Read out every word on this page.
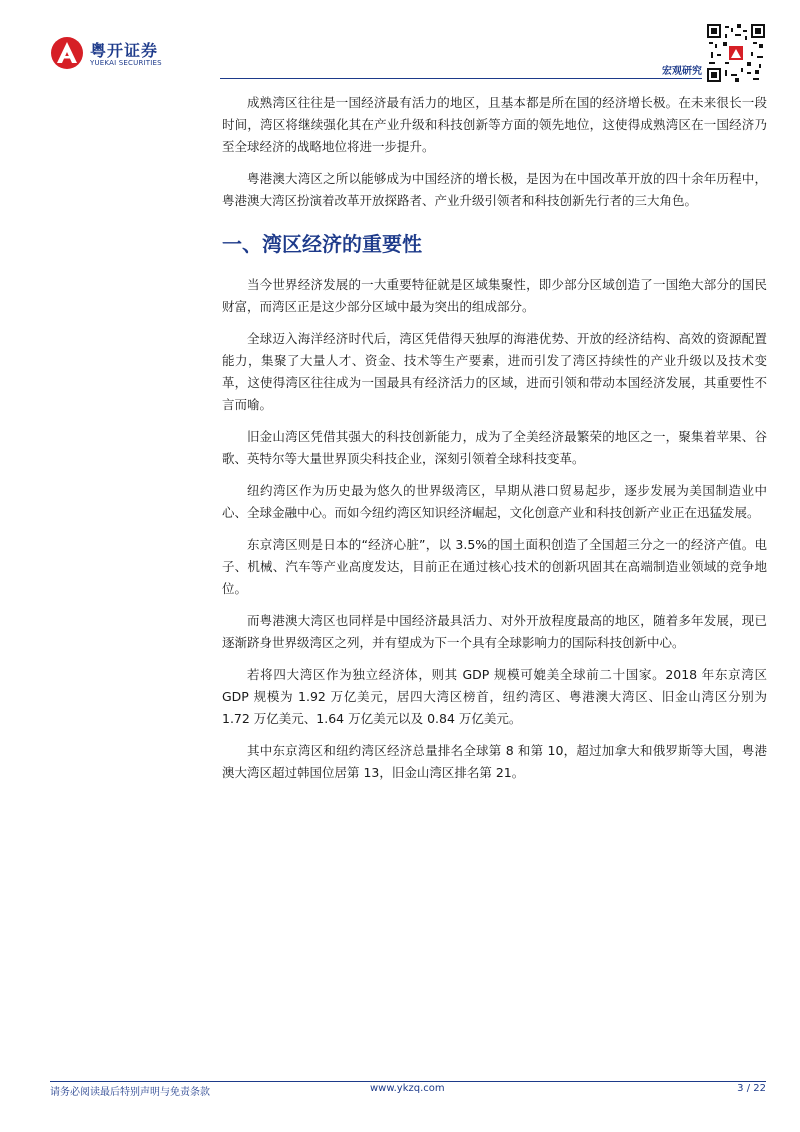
粤开证券
YUEKAI SECURITIES
宏观研究

成熟湾区往往是一国经济最有活力的地区，且基本都是所在国的经济增长极。在未来很长一段时间，湾区将继续强化其在产业升级和科技创新等方面的领先地位，这使得成熟湾区在一国经济乃至全球经济的战略地位将进一步提升。

粤港澳大湾区之所以能够成为中国经济的增长极，是因为在中国改革开放的四十余年历程中，粤港澳大湾区扮演着改革开放探路者、产业升级引领者和科技创新先行者的三大角色。

一、湾区经济的重要性

当今世界经济发展的一大重要特征就是区域集聚性，即少部分区域创造了一国绝大部分的国民财富，而湾区正是这少部分区域中最为突出的组成部分。

全球迈入海洋经济时代后，湾区凭借得天独厚的海港优势、开放的经济结构、高效的资源配置能力，集聚了大量人才、资金、技术等生产要素，进而引发了湾区持续性的产业升级以及技术变革，这使得湾区往往成为一国最具有经济活力的区域，进而引领和带动本国经济发展，其重要性不言而喻。

旧金山湾区凭借其强大的科技创新能力，成为了全美经济最繁荣的地区之一，聚集着苹果、谷歌、英特尔等大量世界顶尖科技企业，深刻引领着全球科技变革。

纽约湾区作为历史最为悠久的世界级湾区，早期从港口贸易起步，逐步发展为美国制造业中心、全球金融中心。而如今纽约湾区知识经济崛起，文化创意产业和科技创新产业正在迅猛发展。

东京湾区则是日本的“经济心脏”，以 3.5%的国土面积创造了全国超三分之一的经济产值。电子、机械、汽车等产业高度发达，目前正在通过核心技术的创新巩固其在高端制造业领域的竞争地位。

而粤港澳大湾区也同样是中国经济最具活力、对外开放程度最高的地区，随着多年发展，现已逐渐跻身世界级湾区之列，并有望成为下一个具有全球影响力的国际科技创新中心。

若将四大湾区作为独立经济体，则其 GDP 规模可媲美全球前二十国家。2018 年东京湾区 GDP 规模为 1.92 万亿美元，居四大湾区榜首，纽约湾区、粤港澳大湾区、旧金山湾区分别为 1.72 万亿美元、1.64 万亿美元以及 0.84 万亿美元。

其中东京湾区和纽约湾区经济总量排名全球第 8 和第 10，超过加拿大和俄罗斯等大国，粤港澳大湾区超过韩国位居第 13，旧金山湾区排名第 21。

请务必阅读最后特别声明与免责条款	www.ykzq.com	3 / 22
